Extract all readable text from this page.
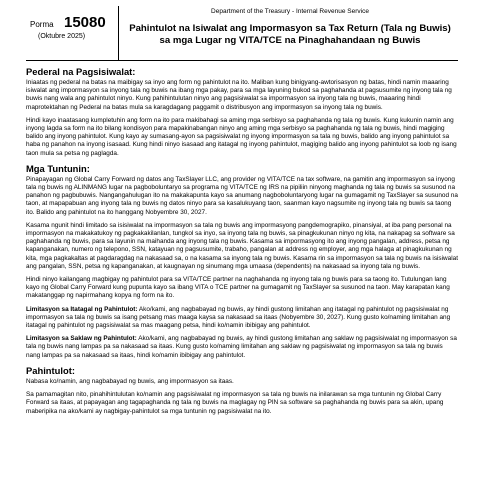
Porma 15080
(Oktubre 2025)
Department of the Treasury - Internal Revenue Service
Pahintulot na Isiwalat ang Impormasyon sa Tax Return (Tala ng Buwis)
sa mga Lugar ng VITA/TCE na Pinaghahandaan ng Buwis
Pederal na Pagsisiwalat:

Iniaatas ng pederal na batas na maibigay sa inyo ang form ng pahintulot na ito. Maliban kung binigyang-awtorisasyon ng batas, hindi namin maaaring isiwalat ang impormasyon sa inyong tala ng buwis na ibang mga pakay, para sa mga layuning bukod sa paghahanda at pagsusumite ng inyong tala ng buwis nang wala ang pahintulot ninyo. Kung pahihintulutan ninyo ang pagsisiwalat sa impormasyon sa inyong tala ng buwis, maaaring hindi maprotektahan ng Pederal na batas mula sa karagdagang paggamit o distribusyon ang impormasyon sa inyong tala ng buwis.

Hindi kayo inaatasang kumpletuhin ang form na ito para makibahagi sa aming mga serbisyo sa paghahanda ng tala ng buwis. Kung kukunin namin ang inyong lagda sa form na ito bilang kondisyon para mapakinabangan ninyo ang aming mga serbisyo sa paghahanda ng tala ng buwis, hindi magiging balido ang inyong pahintulot. Kung kayo ay sumasang-ayon sa pagsisiwalat ng inyong impormasyon sa tala ng buwis, balido ang inyong pahintulot sa haba ng panahon na inyong isasaad. Kung hindi ninyo isasaad ang itatagal ng inyong pahintulot, magiging balido ang inyong pahintulot sa loob ng isang taon mula sa petsa ng paglagda.

Mga Tuntunin:

Pinapayagan ng Global Carry Forward ng datos ang TaxSlayer LLC, ang provider ng VITA/TCE na tax software, na gamitin ang impormasyon sa inyong tala ng buwis ng ALINMANG lugar na pagboboluntaryo sa programa ng VITA/TCE ng IRS na pipiliin ninyong maghanda ng tala ng buwis sa susunod na panahon ng pagbubuwis. Nangangahulugan ito na makakapunta kayo sa anumang nagboboluntaryong lugar na gumagamit ng TaxSlayer sa susunod na taon, at mapapabuan ang inyong tala ng buwis ng datos ninyo para sa kasalukuyang taon, saanman kayo nagsumite ng inyong tala ng buwis sa taong ito. Balido ang pahintulot na ito hanggang Nobyembre 30, 2027.

Kasama ngunit hindi limitado sa isisiwalat na impormasyon sa tala ng buwis ang impormasyong pangdemograpiko, pinansiyal, at iba pang personal na impormasyon na makakatukoy ng pagkakakilanlan, tungkol sa inyo, sa inyong tala ng buwis, sa pinagkukunan ninyo ng kita, na nakapag sa software sa paghahanda ng buwis, para sa layunin na maihanda ang inyong tala ng buwis. Kasama sa impormasyong ito ang inyong pangalan, address, petsa ng kapanganakan, numero ng telepono, SSN, katayuan ng pagsusumite, trabaho, pangalan at address ng employer, ang mga halaga at pinagkukunan ng kita, mga pagkakaltas at pagdaragdag na nakasaad sa, o na kasama sa inyong tala ng buwis. Kasama rin sa impormasyon sa tala ng buwis na isisiwalat ang pangalan, SSN, petsa ng kapanganakan, at kaugnayan ng sinumang mga umaasa (dependents) na nakasaad sa inyong tala ng buwis.

Hindi ninyo kailangang magbigay ng pahintulot para sa VITA/TCE partner na naghahanda ng inyong tala ng buwis para sa taong ito. Tutulungan lang kayo ng Global Carry Forward kung pupunta kayo sa ibang VITA o TCE partner na gumagamit ng TaxSlayer sa susunod na taon. May karapatan kang makatanggap ng napirmahang kopya ng form na ito.

Limitasyon sa Itatagal ng Pahintulot: Ako/kami, ang nagbabayad ng buwis, ay hindi gustong limitahan ang itatagal ng pahintulot ng pagsisiwalat ng impormasyon sa tala ng buwis sa isang petsang mas maaga kaysa sa nakasaad sa itaas (Nobyembre 30, 2027). Kung gusto ko/naming limitahan ang itatagal ng pahintulot ng pagsisiwalat sa mas maagang petsa, hindi ko/namin ibibigay ang pahintulot.

Limitasyon sa Saklaw ng Pahintulot: Ako/kami, ang nagbabayad ng buwis, ay hindi gustong limitahan ang saklaw ng pagsisiwalat ng impormasyon sa tala ng buwis nang lampas pa sa nakasaad sa itaas. Kung gusto ko/naming limitahan ang saklaw ng pagsisiwalat ng impormasyon sa tala ng buwis nang lampas pa sa nakasaad sa itaas, hindi ko/namin ibibigay ang pahintulot.

Pahintulot:

Nabasa ko/namin, ang nagbabayad ng buwis, ang impormasyon sa itaas.

Sa pamamagitan nito, pinahihintulutan ko/namin ang pagsisiwalat ng impormasyon sa tala ng buwis na inilarawan sa mga tuntunin ng Global Carry Forward sa itaas, at papayagan ang tagapaghanda ng tala ng buwis na maglagay ng PIN sa software sa paghahanda ng buwis para sa akin, upang maberipika na ako/kami ay nagbigay-pahintulot sa mga tuntunin ng pagsisiwalat na ito.
